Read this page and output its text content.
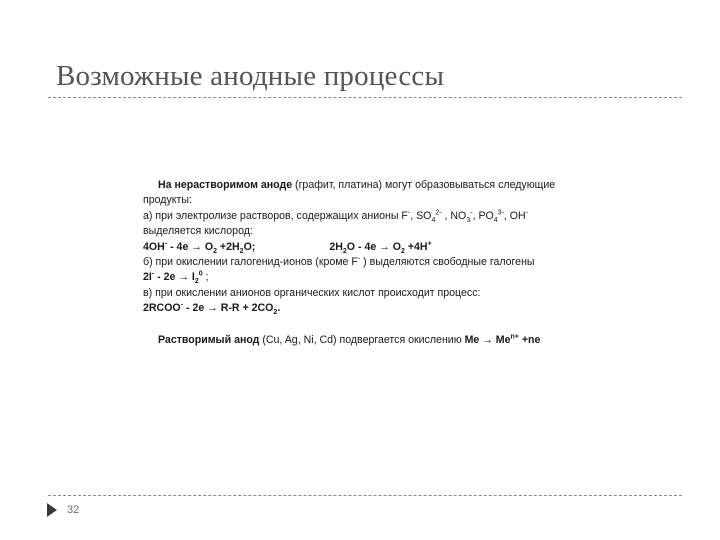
Возможные анодные процессы
На нерастворимом аноде (графит, платина) могут образовываться следующие
продукты:
а) при электролизе растворов, содержащих анионы F-, $SO_4^{2-}$ , $NO_3^-$, $PO_4^{3-}$, OH-
выделяется кислород:
$4OH^- - 4e \to O_2 +2H_2O$;	$2H_2O - 4e \to O_2 +4H^+$
б) при окислении галогенид-ионов (кроме F- ) выделяются свободные галогены
$2I^- - 2e \to I_2^0$ ;
в) при окислении анионов органических кислот происходит процесс:
2RCOO- - $2e \to R-R + 2CO_2$.
Растворимый анод (Cu, Ag, Ni, Cd) подвергается окислению $Me \to Me^{n+} +ne$
32
